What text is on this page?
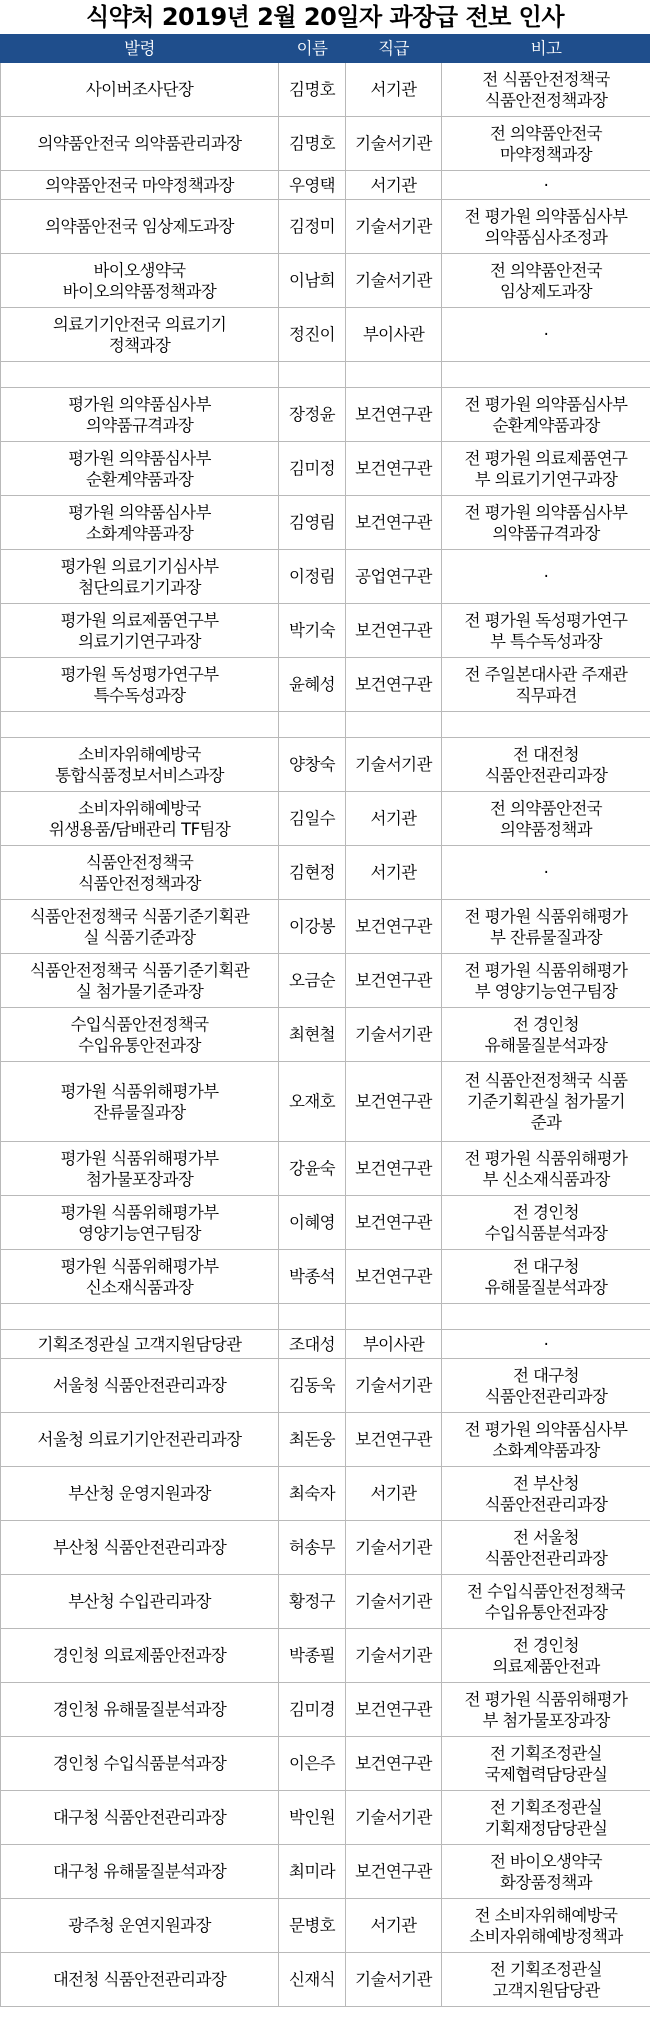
식약처 2019년 2월 20일자 과장급 전보 인사
발령	이름	직급	비고

사이버조사단장	김명호	서기관	전 식품안전정책국
식품안전정책과장

의약품안전국 의약품관리과장	김명호	기술서기관	전 의약품안전국
마약정책과장

의약품안전국 마약정책과장	우영택	서기관	·

의약품안전국 임상제도과장	김정미	기술서기관	전 평가원 의약품심사부
의약품심사조정과

바이오생약국
바이오의약품정책과장	이남희	기술서기관	전 의약품안전국
임상제도과장

의료기기안전국 의료기기
정책과장	정진이	부이사관	·

평가원 의약품심사부
의약품규격과장	장정윤	보건연구관	전 평가원 의약품심사부
순환계약품과장

평가원 의약품심사부
순환계약품과장	김미정	보건연구관	전 평가원 의료제품연구
부 의료기기연구과장

평가원 의약품심사부
소화계약품과장	김영림	보건연구관	전 평가원 의약품심사부
의약품규격과장

평가원 의료기기심사부
첨단의료기기과장	이정림	공업연구관	·

평가원 의료제품연구부
의료기기연구과장	박기숙	보건연구관	전 평가원 독성평가연구
부 특수독성과장

평가원 독성평가연구부
특수독성과장	윤혜성	보건연구관	전 주일본대사관 주재관
직무파견

소비자위해예방국
통합식품정보서비스과장	양창숙	기술서기관	전 대전청
식품안전관리과장

소비자위해예방국
위생용품/담배관리 TF팀장	김일수	서기관	전 의약품안전국
의약품정책과

식품안전정책국
식품안전정책과장	김현정	서기관	·

식품안전정책국 식품기준기획관
실 식품기준과장	이강봉	보건연구관	전 평가원 식품위해평가
부 잔류물질과장

식품안전정책국 식품기준기획관
실 첨가물기준과장	오금순	보건연구관	전 평가원 식품위해평가
부 영양기능연구팀장

수입식품안전정책국
수입유통안전과장	최현철	기술서기관	전 경인청
유해물질분석과장

평가원 식품위해평가부
잔류물질과장	오재호	보건연구관	전 식품안전정책국 식품
기준기획관실 첨가물기
준과

평가원 식품위해평가부
첨가물포장과장	강윤숙	보건연구관	전 평가원 식품위해평가
부 신소재식품과장

평가원 식품위해평가부
영양기능연구팀장	이혜영	보건연구관	전 경인청
수입식품분석과장

평가원 식품위해평가부
신소재식품과장	박종석	보건연구관	전 대구청
유해물질분석과장

기획조정관실 고객지원담당관	조대성	부이사관	·

서울청 식품안전관리과장	김동욱	기술서기관	전 대구청
식품안전관리과장

서울청 의료기기안전관리과장	최돈웅	보건연구관	전 평가원 의약품심사부
소화계약품과장

부산청 운영지원과장	최숙자	서기관	전 부산청
식품안전관리과장

부산청 식품안전관리과장	허송무	기술서기관	전 서울청
식품안전관리과장

부산청 수입관리과장	황정구	기술서기관	전 수입식품안전정책국
수입유통안전과장

경인청 의료제품안전과장	박종필	기술서기관	전 경인청
의료제품안전과

경인청 유해물질분석과장	김미경	보건연구관	전 평가원 식품위해평가
부 첨가물포장과장

경인청 수입식품분석과장	이은주	보건연구관	전 기획조정관실
국제협력담당관실

대구청 식품안전관리과장	박인원	기술서기관	전 기획조정관실
기획재정담당관실

대구청 유해물질분석과장	최미라	보건연구관	전 바이오생약국
화장품정책과

광주청 운연지원과장	문병호	서기관	전 소비자위해예방국
소비자위해예방정책과

대전청 식품안전관리과장	신재식	기술서기관	전 기획조정관실
고객지원담당관
